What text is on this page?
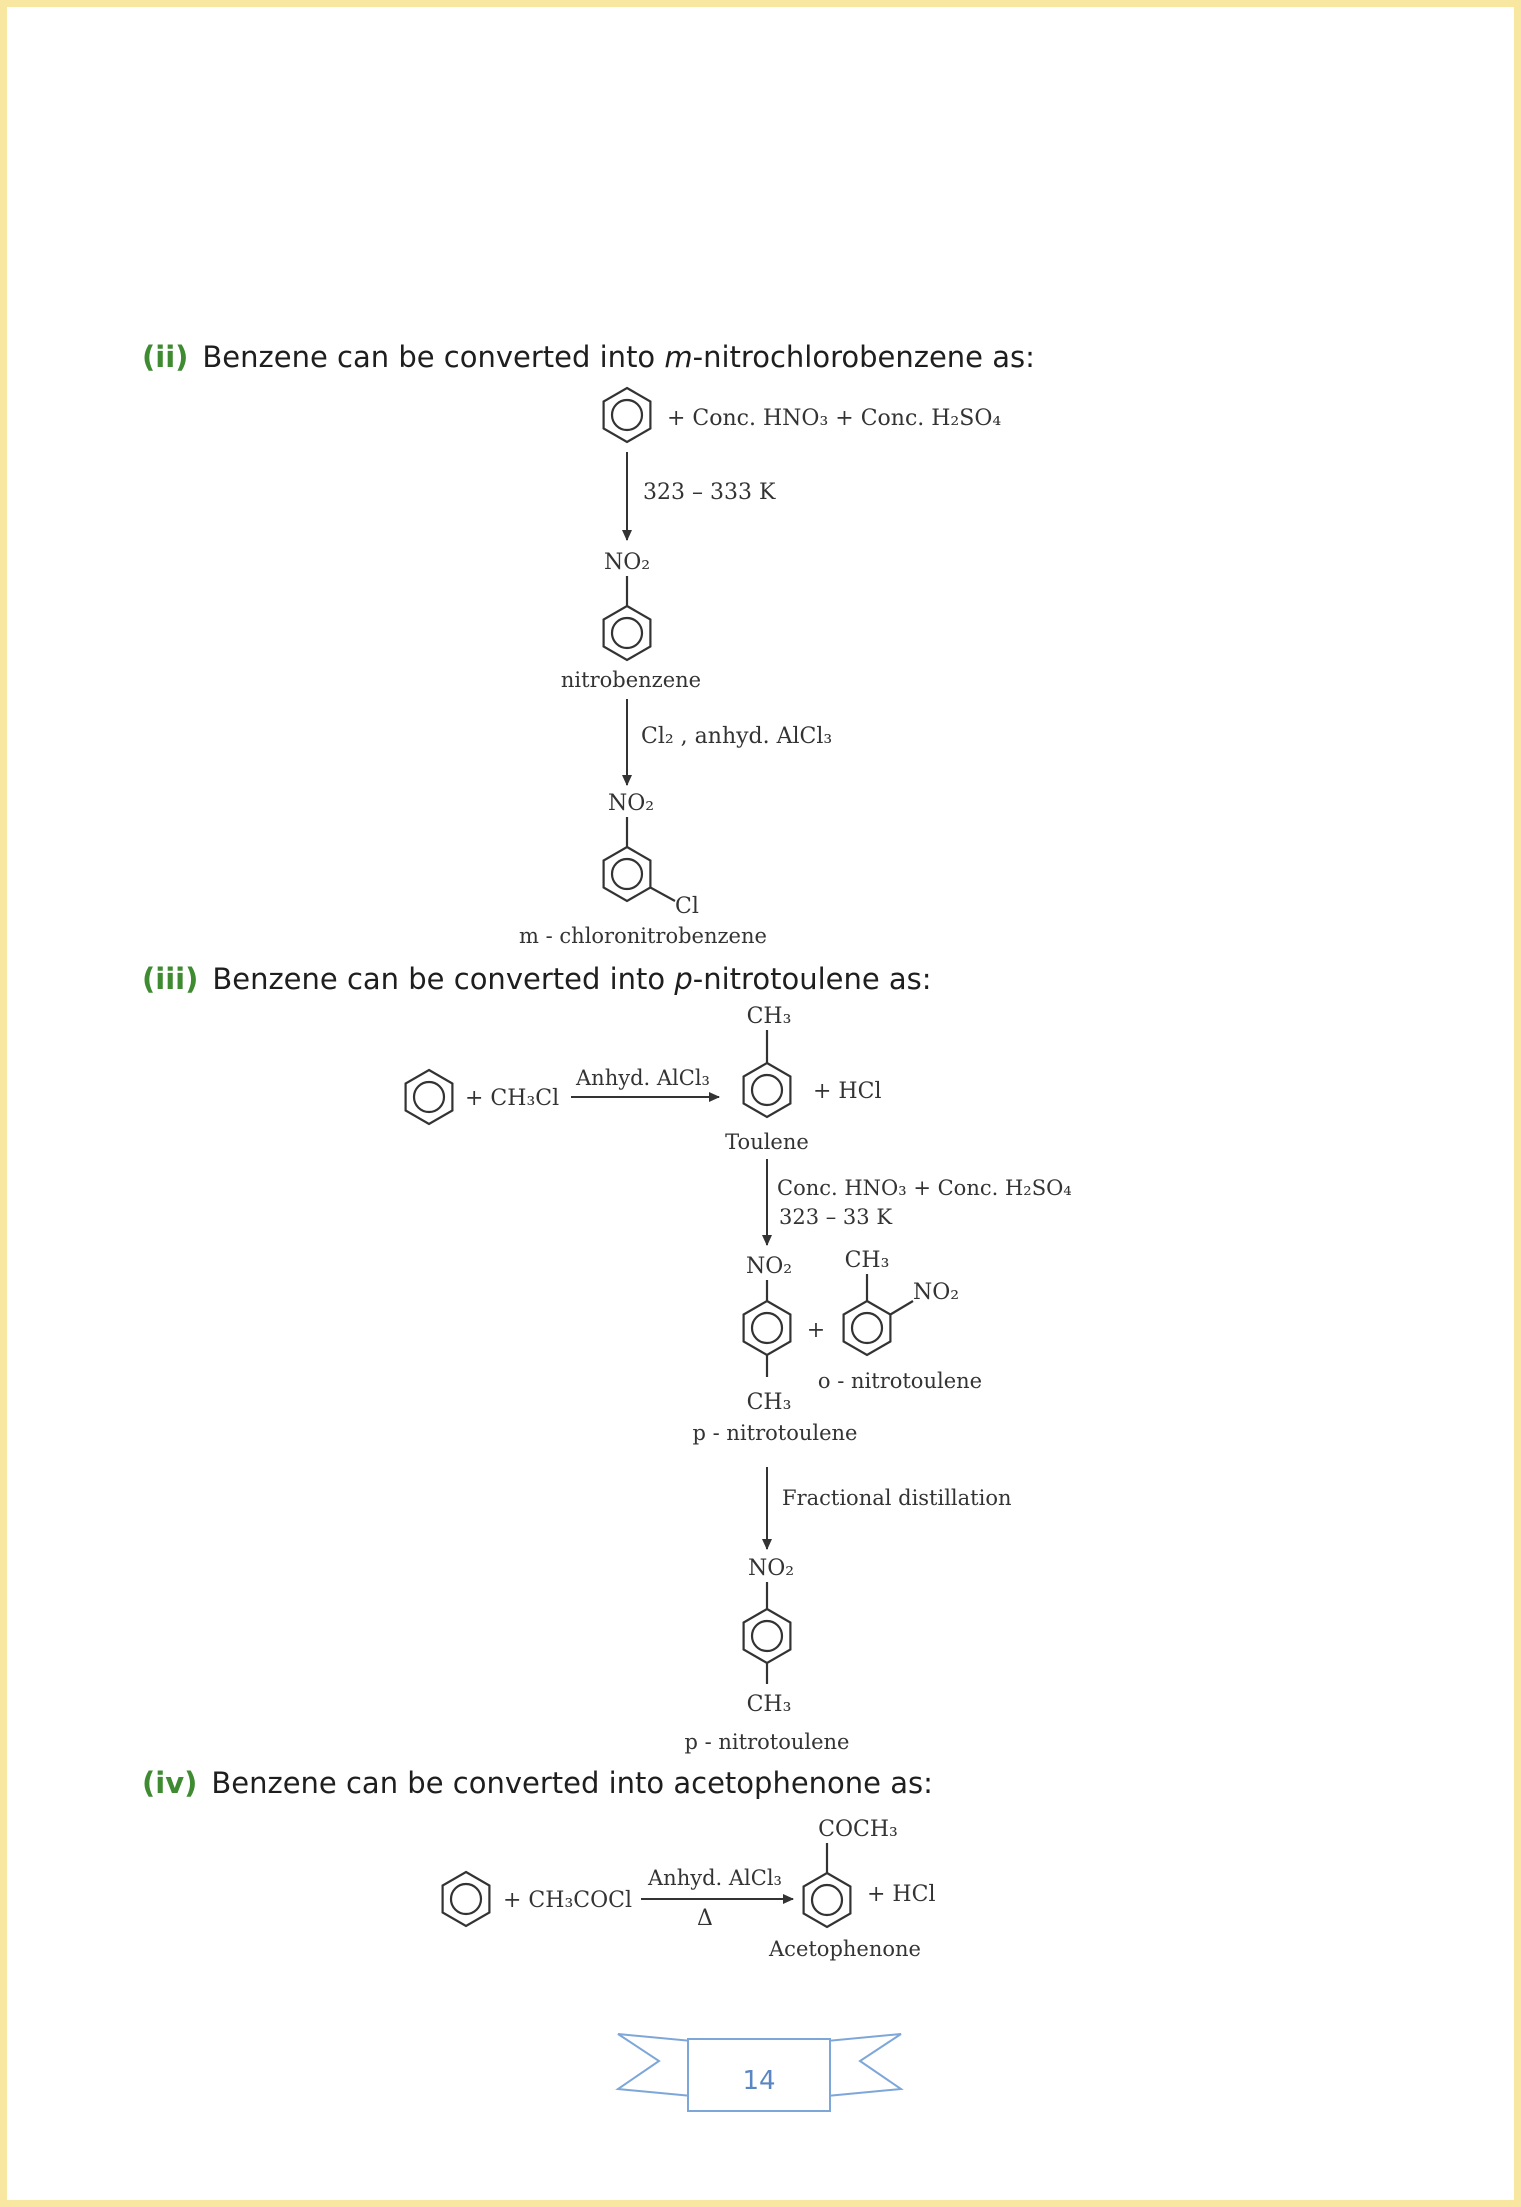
(ii) Benzene can be converted into m-nitrochlorobenzene as:
(iii) Benzene can be converted into p-nitrotoulene as:
(iv) Benzene can be converted into acetophenone as:
+ Conc. HNO₃ + Conc. H₂SO₄
323 – 333 K
NO₂
nitrobenzene
Cl₂ , anhyd. AlCl₃
NO₂
Cl
m - chloronitrobenzene
+ CH₃Cl
Anhyd. AlCl₃
CH₃
+ HCl
Toulene
Conc. HNO₃ + Conc. H₂SO₄
323 – 33 K
NO₂
CH₃
p - nitrotoulene
+
CH₃
NO₂
o - nitrotoulene
Fractional distillation
NO₂
CH₃
p - nitrotoulene
+ CH₃COCl
Anhyd. AlCl₃
Δ
COCH₃
+ HCl
Acetophenone
14
